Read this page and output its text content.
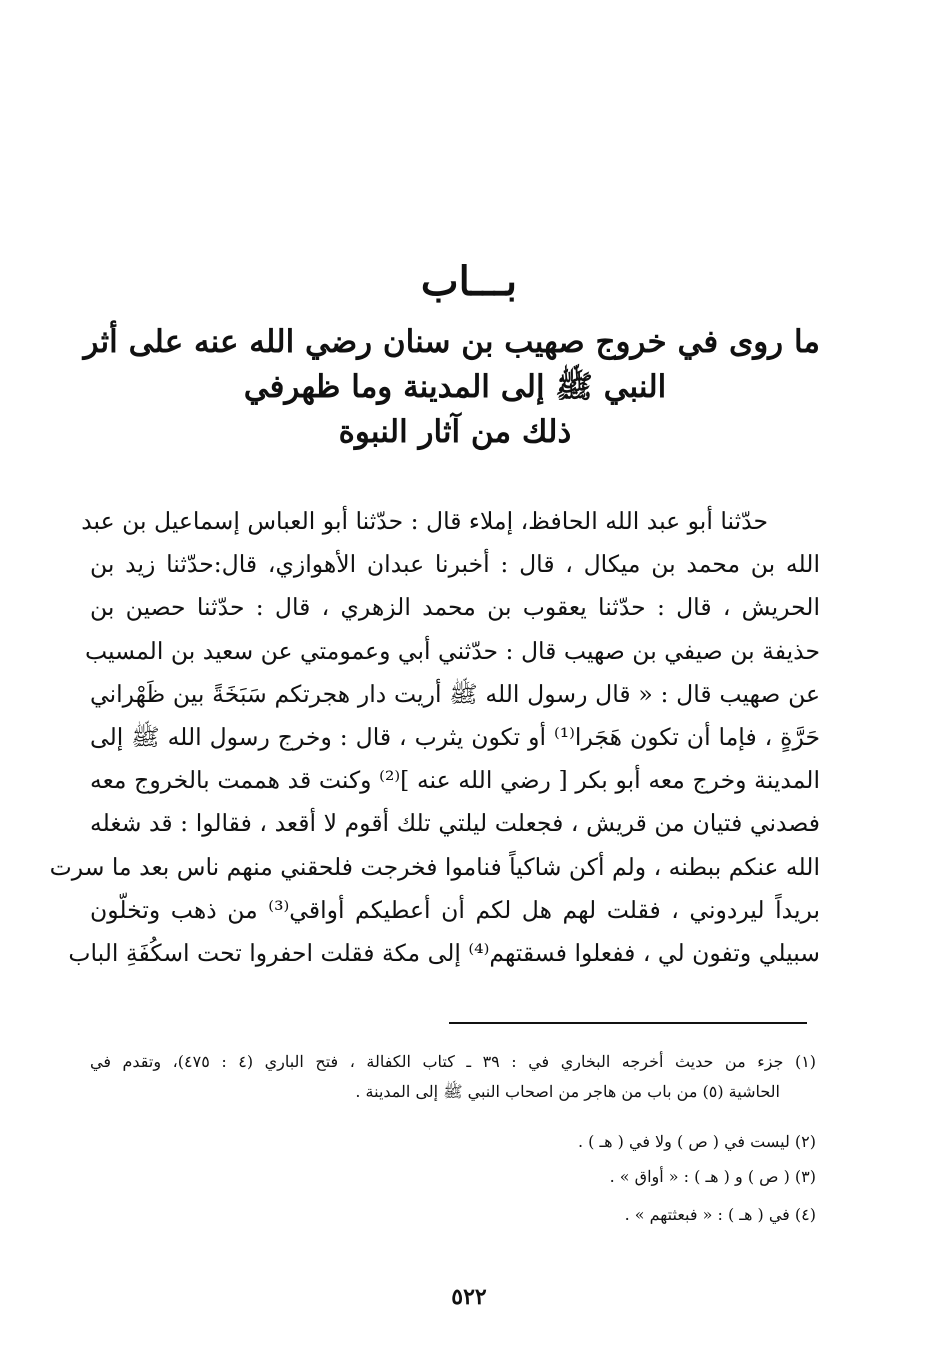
بـــاب
ما روى في خروج صهيب بن سنان رضي الله عنه على أثر
النبي ﷺ إلى المدينة وما ظهرفي
ذلك من آثار النبوة
حدّثنا أبو عبد الله الحافظ، إملاء قال : حدّثنا أبو العباس إسماعيل بن عبد
الله بن محمد بن ميكال ، قال : أخبرنا عبدان الأهوازي، قال:حدّثنا زيد بن
الحريش ، قال : حدّثنا يعقوب بن محمد الزهري ، قال : حدّثنا حصين بن
حذيفة بن صيفي بن صهيب قال : حدّثني أبي وعمومتي عن سعيد بن المسيب
عن صهيب قال : « قال رسول الله ﷺ أريت دار هجرتكم سَبَخَةً بين ظَهْراني
حَرَّةٍ ، فإما أن تكون هَجَرا⁽¹⁾ أو تكون يثرب ، قال : وخرج رسول الله ﷺ إلى
المدينة وخرج معه أبو بكر [ رضي الله عنه ]⁽²⁾ وكنت قد هممت بالخروج معه
فصدني فتيان من قريش ، فجعلت ليلتي تلك أقوم لا أقعد ، فقالوا : قد شغله
الله عنكم ببطنه ، ولم أكن شاكياً فناموا فخرجت فلحقني منهم ناس بعد ما سرت
بريداً ليردوني ، فقلت لهم هل لكم أن أعطيكم أواقي⁽³⁾ من ذهب وتخلّون
سبيلي وتفون لي ، ففعلوا فسقتهم⁽⁴⁾ إلى مكة فقلت احفروا تحت اسكُفَةِ الباب
(١) جزء من حديث أخرجه البخاري في : ٣٩ ـ كتاب الكفالة ، فتح الباري (٤ : ٤٧٥)، وتقدم في
الحاشية (٥) من باب من هاجر من اصحاب النبي ﷺ إلى المدينة .
(٢) ليست في ( ص ) ولا في ( هـ ) .
(٣) ( ص ) و ( هـ ) : « أواق » .
(٤) في ( هـ ) : « فبعثتهم » .
٥٢٢
